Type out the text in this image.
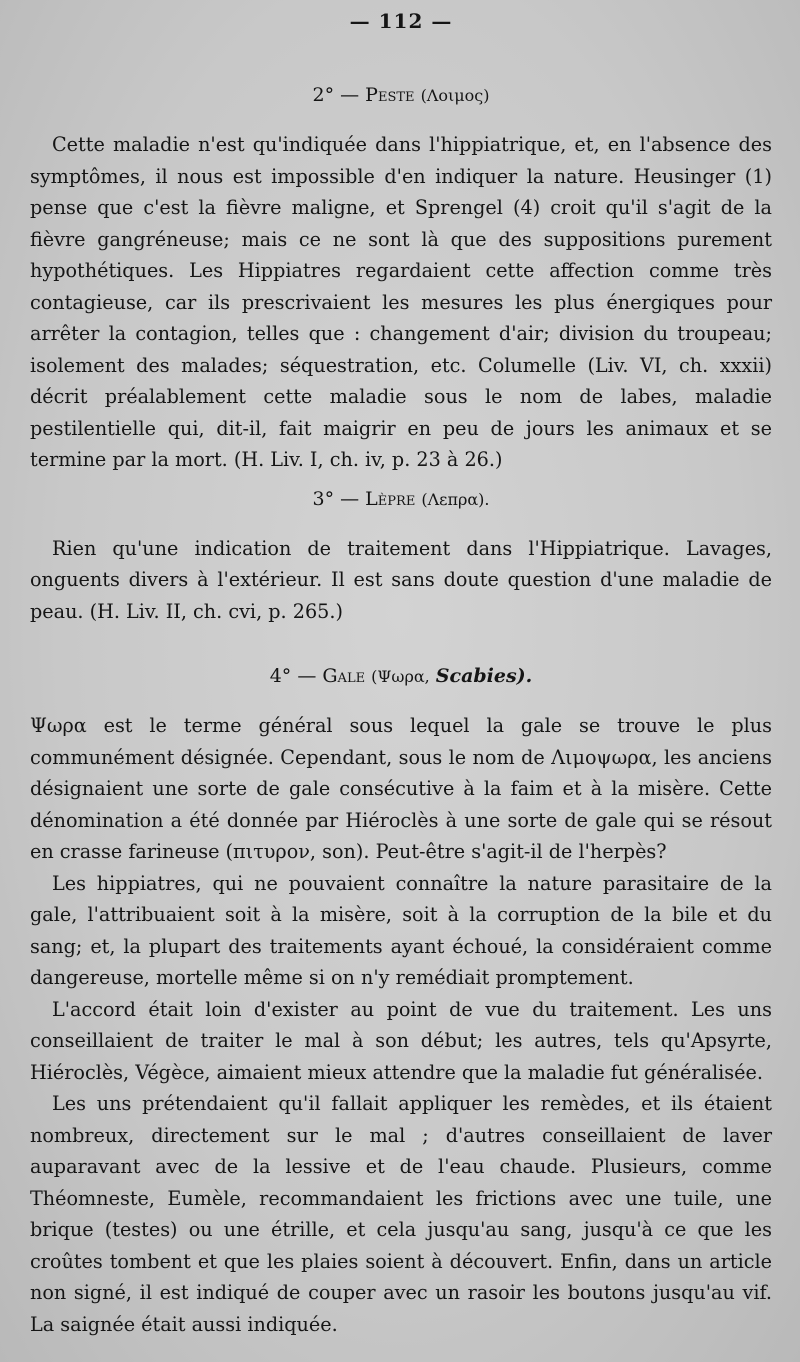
— 112 —
2° — Peste (Λοιμος)

Cette maladie n'est qu'indiquée dans l'hippiatrique, et, en l'absence des symptômes, il nous est impossible d'en indiquer la nature. Heusinger (1) pense que c'est la fièvre maligne, et Sprengel (4) croit qu'il s'agit de la fièvre gangréneuse; mais ce ne sont là que des suppositions purement hypothétiques. Les Hippiatres regardaient cette affection comme très contagieuse, car ils prescrivaient les mesures les plus énergiques pour arrêter la contagion, telles que : changement d'air; division du troupeau; isolement des malades; séquestration, etc. Columelle (Liv. VI, ch. xxxii) décrit préalablement cette maladie sous le nom de labes, maladie pestilentielle qui, dit-il, fait maigrir en peu de jours les animaux et se termine par la mort. (H. Liv. I, ch. iv, p. 23 à 26.)

3° — Lèpre (Λεπρα).

Rien qu'une indication de traitement dans l'Hippiatrique. Lavages, onguents divers à l'extérieur. Il est sans doute question d'une maladie de peau. (H. Liv. II, ch. cvi, p. 265.)

4° — Gale (Ψωρα, Scabies).

Ψωρα est le terme général sous lequel la gale se trouve le plus communément désignée. Cependant, sous le nom de Λιμοψωρα, les anciens désignaient une sorte de gale consécutive à la faim et à la misère. Cette dénomination a été donnée par Hiéroclès à une sorte de gale qui se résout en crasse farineuse (πιτυρον, son). Peut-être s'agit-il de l'herpès?

Les hippiatres, qui ne pouvaient connaître la nature parasitaire de la gale, l'attribuaient soit à la misère, soit à la corruption de la bile et du sang; et, la plupart des traitements ayant échoué, la considéraient comme dangereuse, mortelle même si on n'y remédiait promptement.

L'accord était loin d'exister au point de vue du traitement. Les uns conseillaient de traiter le mal à son début; les autres, tels qu'Apsyrte, Hiéroclès, Végèce, aimaient mieux attendre que la maladie fut généralisée.

Les uns prétendaient qu'il fallait appliquer les remèdes, et ils étaient nombreux, directement sur le mal ; d'autres conseillaient de laver auparavant avec de la lessive et de l'eau chaude. Plusieurs, comme Théomneste, Eumèle, recommandaient les frictions avec une tuile, une brique (testes) ou une étrille, et cela jusqu'au sang, jusqu'à ce que les croûtes tombent et que les plaies soient à découvert. Enfin, dans un article non signé, il est indiqué de couper avec un rasoir les boutons jusqu'au vif. La saignée était aussi indiquée.
